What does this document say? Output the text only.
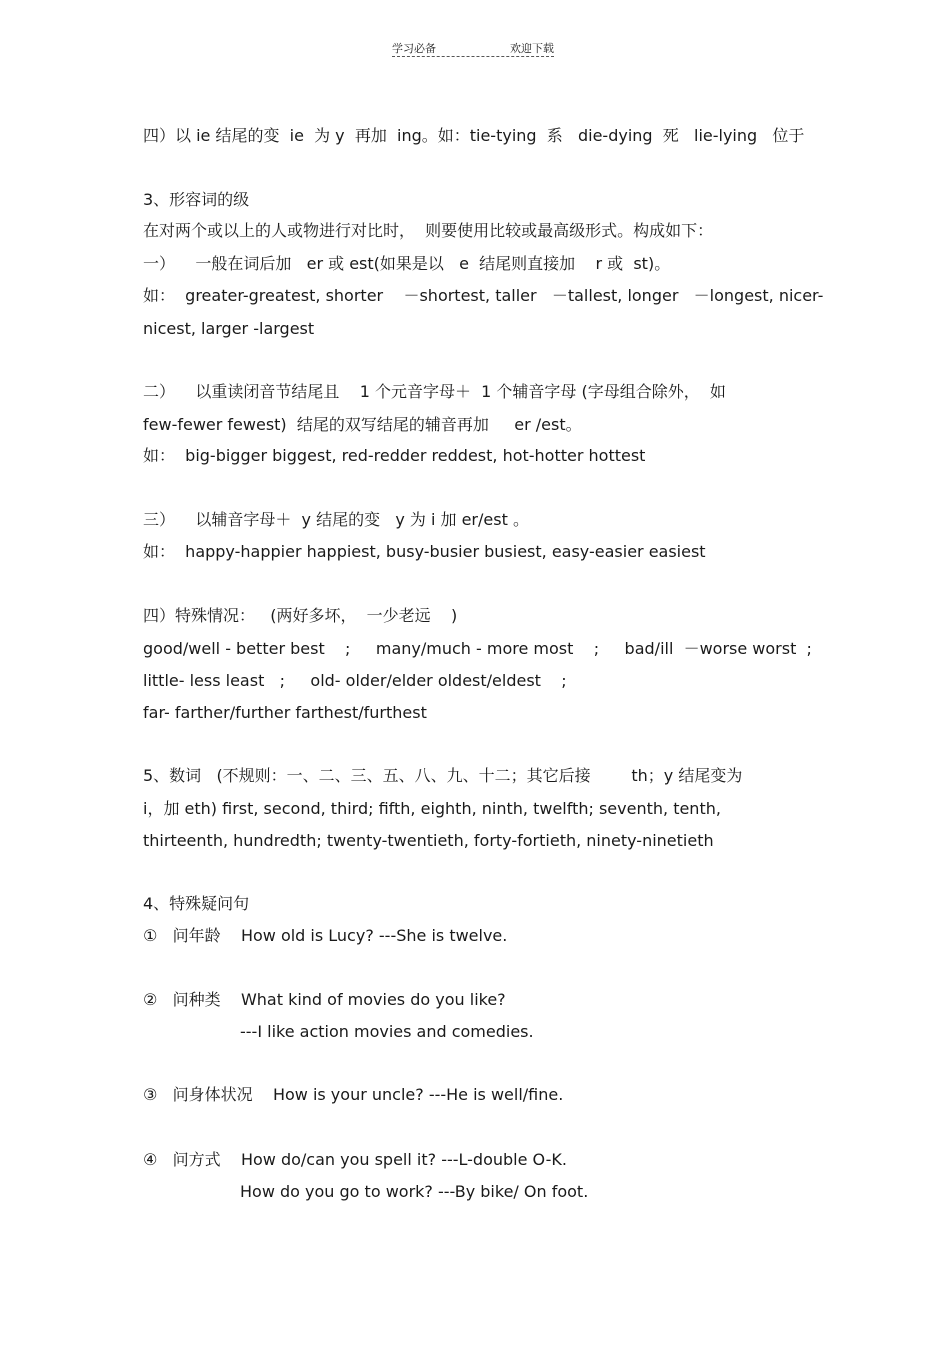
学习必备	欢迎下载
四）以 ie 结尾的变  ie  为 y  再加  ing。如：tie-tying  系   die-dying  死   lie-lying   位于
3、形容词的级
在对两个或以上的人或物进行对比时，  则要使用比较或最高级形式。构成如下：
一）    一般在词后加   er 或 est(如果是以   e  结尾则直接加    r 或  st)。
如：  greater-greatest, shorter    －shortest, taller   －tallest, longer   －longest, nicer-
nicest, larger -largest
二）    以重读闭音节结尾且    1 个元音字母＋  1 个辅音字母 (字母组合除外，  如
few-fewer fewest)  结尾的双写结尾的辅音再加     er /est。
如：  big-bigger biggest, red-redder reddest, hot-hotter hottest
三）    以辅音字母＋  y 结尾的变   y 为 i 加 er/est 。
如：  happy-happier happiest, busy-busier busiest, easy-easier easiest
四）特殊情况：   (两好多坏，  一少老远    )
good/well - better best    ;     many/much - more most    ;     bad/ill  －worse worst  ;
little- less least   ;     old- older/elder oldest/eldest    ;
far- farther/further farthest/furthest
5、数词   (不规则：一、二、三、五、八、九、十二；其它后接        th；y 结尾变为
i，加 eth) first, second, third; fifth, eighth, ninth, twelfth; seventh, tenth,
thirteenth, hundredth; twenty-twentieth, forty-fortieth, ninety-ninetieth
4、特殊疑问句
①   问年龄    How old is Lucy? ---She is twelve.
②   问种类    What kind of movies do you like?
---I like action movies and comedies.
③   问身体状况    How is your uncle? ---He is well/fine.
④   问方式    How do/can you spell it? ---L-double O-K.
How do you go to work? ---By bike/ On foot.
